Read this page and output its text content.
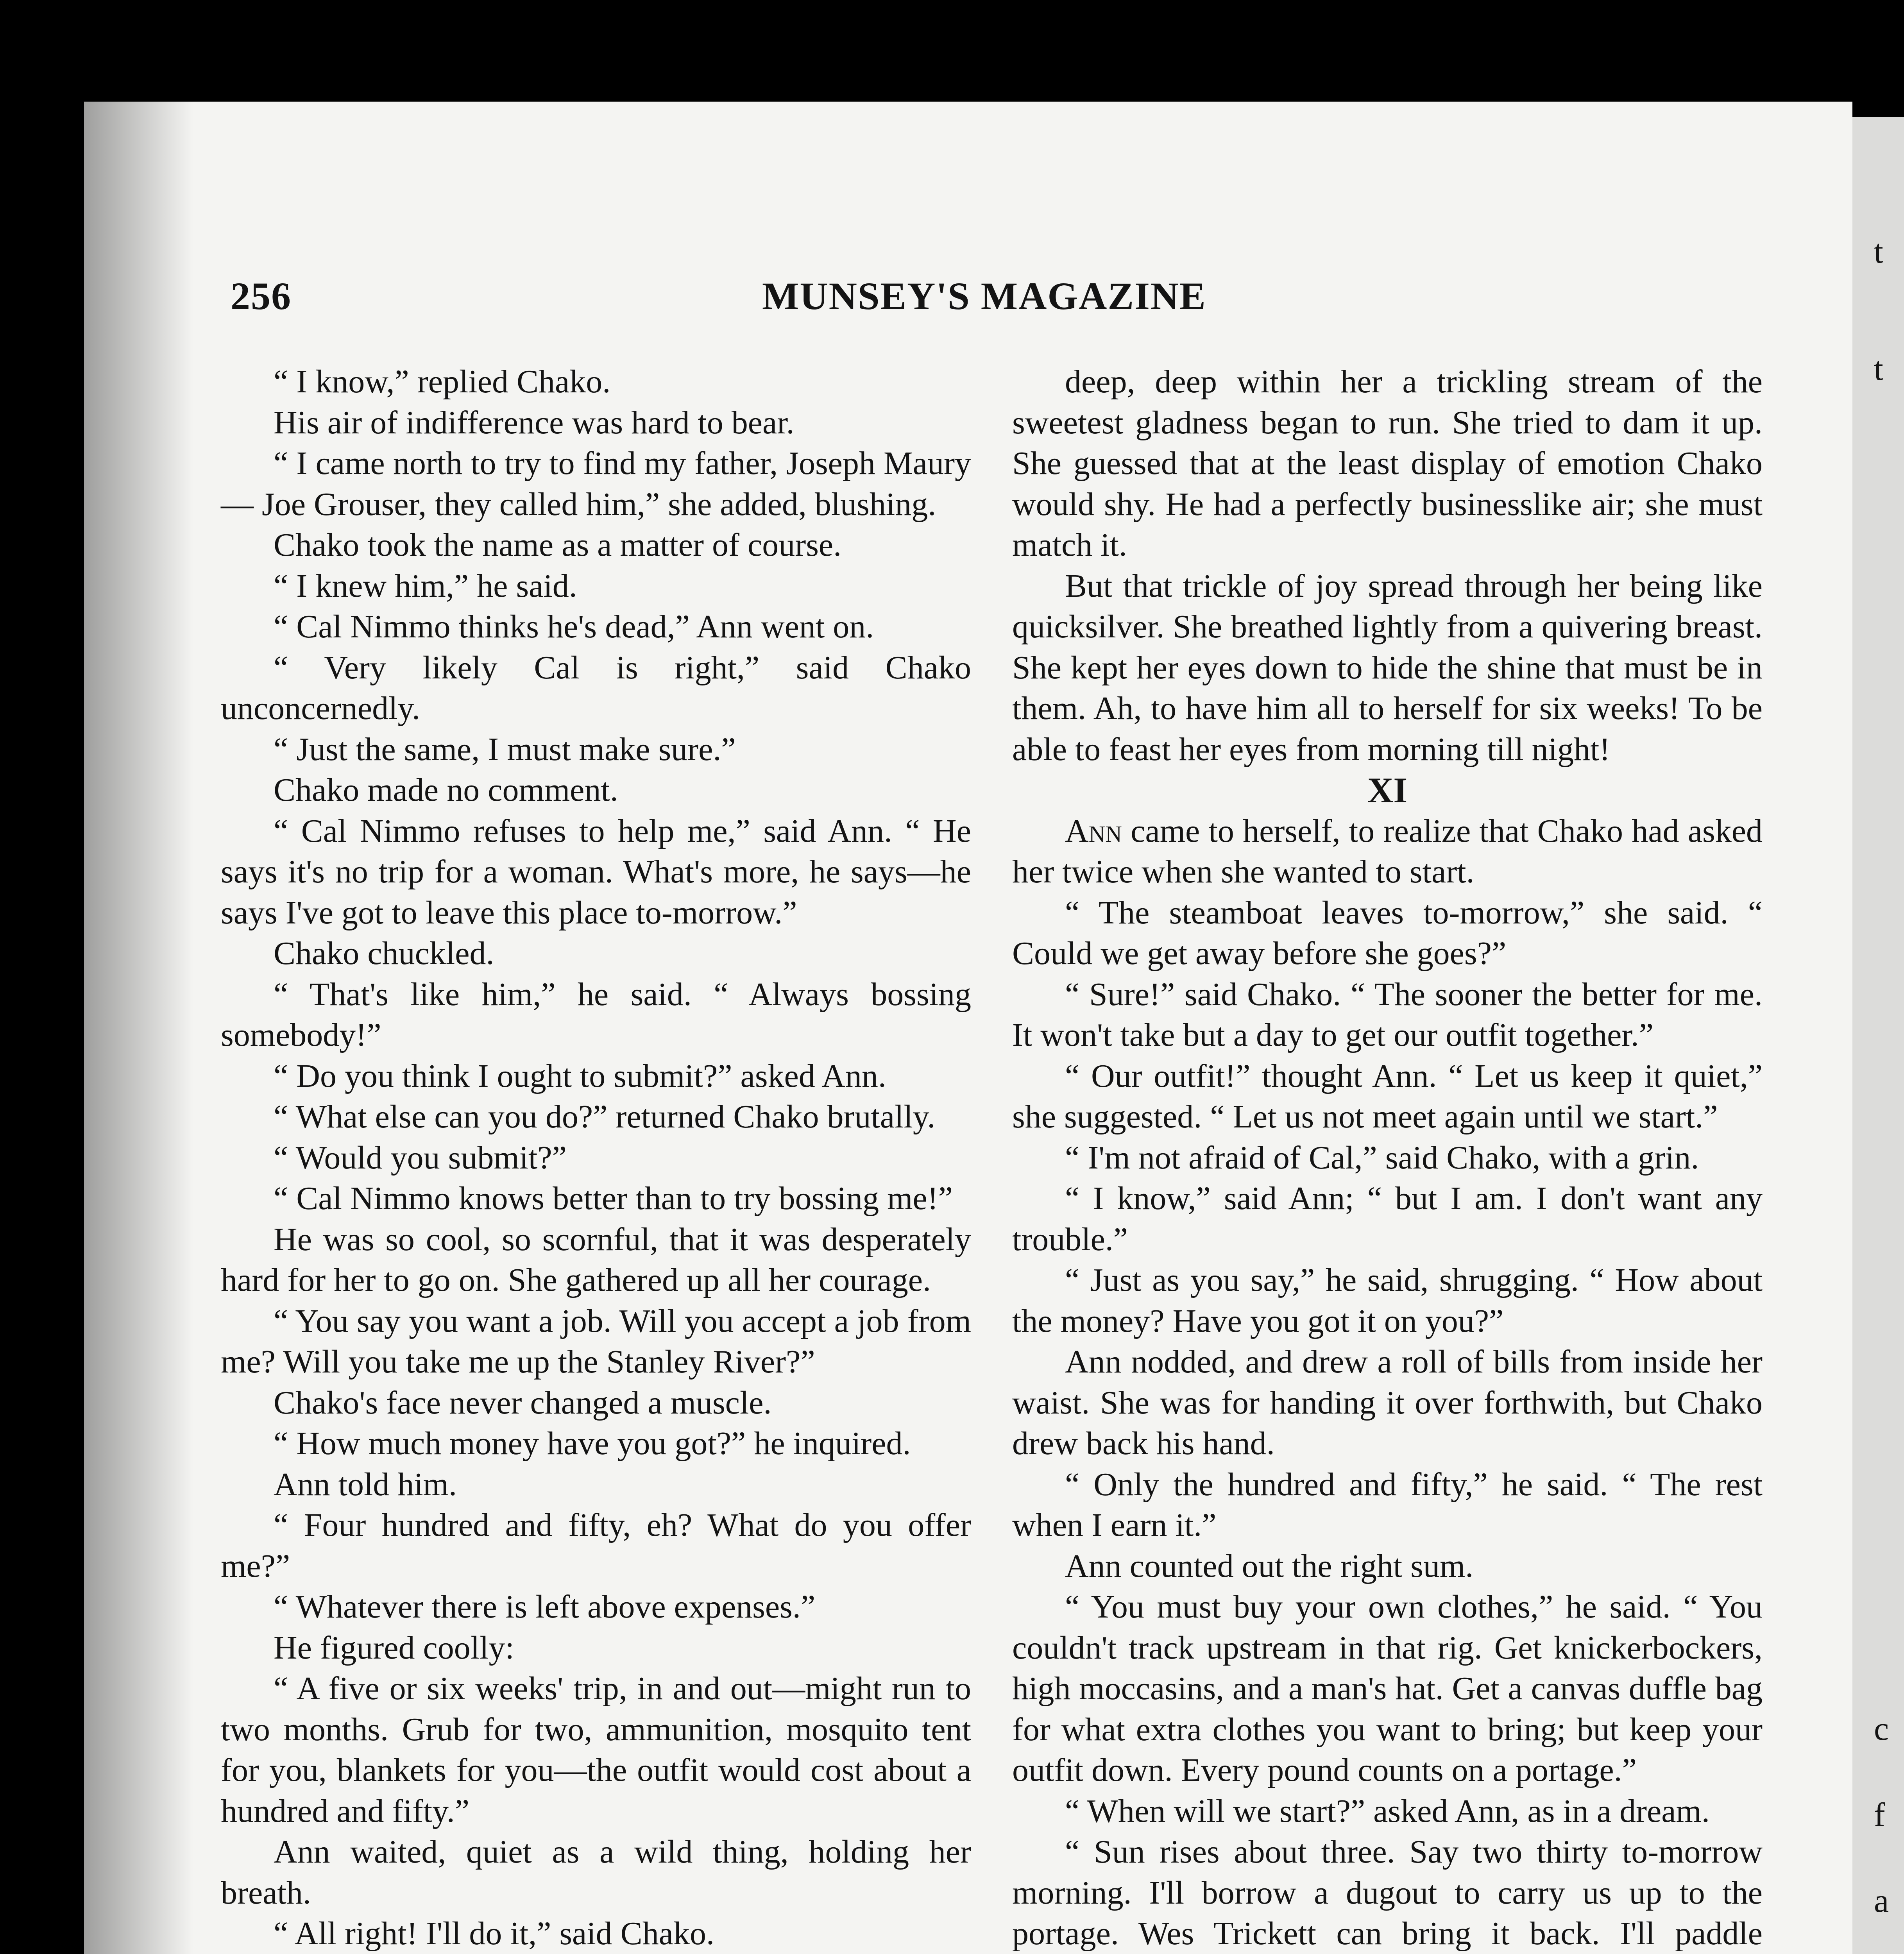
t
t
c
f
a
256	MUNSEY'S MAGAZINE

“ I know,” replied Chako.

His air of indifference was hard to bear.

“ I came north to try to find my father, Joseph Maury — Joe Grouser, they called him,” she added, blushing.

Chako took the name as a matter of course.

“ I knew him,” he said.

“ Cal Nimmo thinks he's dead,” Ann went on.

“ Very likely Cal is right,” said Chako unconcernedly.

“ Just the same, I must make sure.”

Chako made no comment.

“ Cal Nimmo refuses to help me,” said Ann. “ He says it's no trip for a woman. What's more, he says—he says I've got to leave this place to-morrow.”

Chako chuckled.

“ That's like him,” he said. “ Always bossing somebody!”

“ Do you think I ought to submit?” asked Ann.

“ What else can you do?” returned Chako brutally.

“ Would you submit?”

“ Cal Nimmo knows better than to try bossing me!”

He was so cool, so scornful, that it was desperately hard for her to go on. She gathered up all her courage.

“ You say you want a job. Will you accept a job from me? Will you take me up the Stanley River?”

Chako's face never changed a muscle.

“ How much money have you got?” he inquired.

Ann told him.

“ Four hundred and fifty, eh? What do you offer me?”

“ Whatever there is left above expenses.”

He figured coolly:

“ A five or six weeks' trip, in and out—might run to two months. Grub for two, ammunition, mosquito tent for you, blankets for you—the outfit would cost about a hundred and fifty.”

Ann waited, quiet as a wild thing, holding her breath.

“ All right! I'll do it,” said Chako.

deep, deep within her a trickling stream of the sweetest gladness began to run. She tried to dam it up. She guessed that at the least display of emotion Chako would shy. He had a perfectly businesslike air; she must match it.

But that trickle of joy spread through her being like quicksilver. She breathed lightly from a quivering breast. She kept her eyes down to hide the shine that must be in them. Ah, to have him all to herself for six weeks! To be able to feast her eyes from morning till night!

XI

Ann came to herself, to realize that Chako had asked her twice when she wanted to start.

“ The steamboat leaves to-morrow,” she said. “ Could we get away before she goes?”

“ Sure!” said Chako. “ The sooner the better for me. It won't take but a day to get our outfit together.”

“ Our outfit!” thought Ann. “ Let us keep it quiet,” she suggested. “ Let us not meet again until we start.”

“ I'm not afraid of Cal,” said Chako, with a grin.

“ I know,” said Ann; “ but I am. I don't want any trouble.”

“ Just as you say,” he said, shrugging. “ How about the money? Have you got it on you?”

Ann nodded, and drew a roll of bills from inside her waist. She was for handing it over forthwith, but Chako drew back his hand.

“ Only the hundred and fifty,” he said. “ The rest when I earn it.”

Ann counted out the right sum.

“ You must buy your own clothes,” he said. “ You couldn't track upstream in that rig. Get knickerbockers, high moccasins, and a man's hat. Get a canvas duffle bag for what extra clothes you want to bring; but keep your outfit down. Every pound counts on a portage.”

“ When will we start?” asked Ann, as in a dream.

“ Sun rises about three. Say two thirty to-morrow morning. I'll borrow a dugout to carry us up to the portage. Wes Trickett can bring it back. I'll paddle
